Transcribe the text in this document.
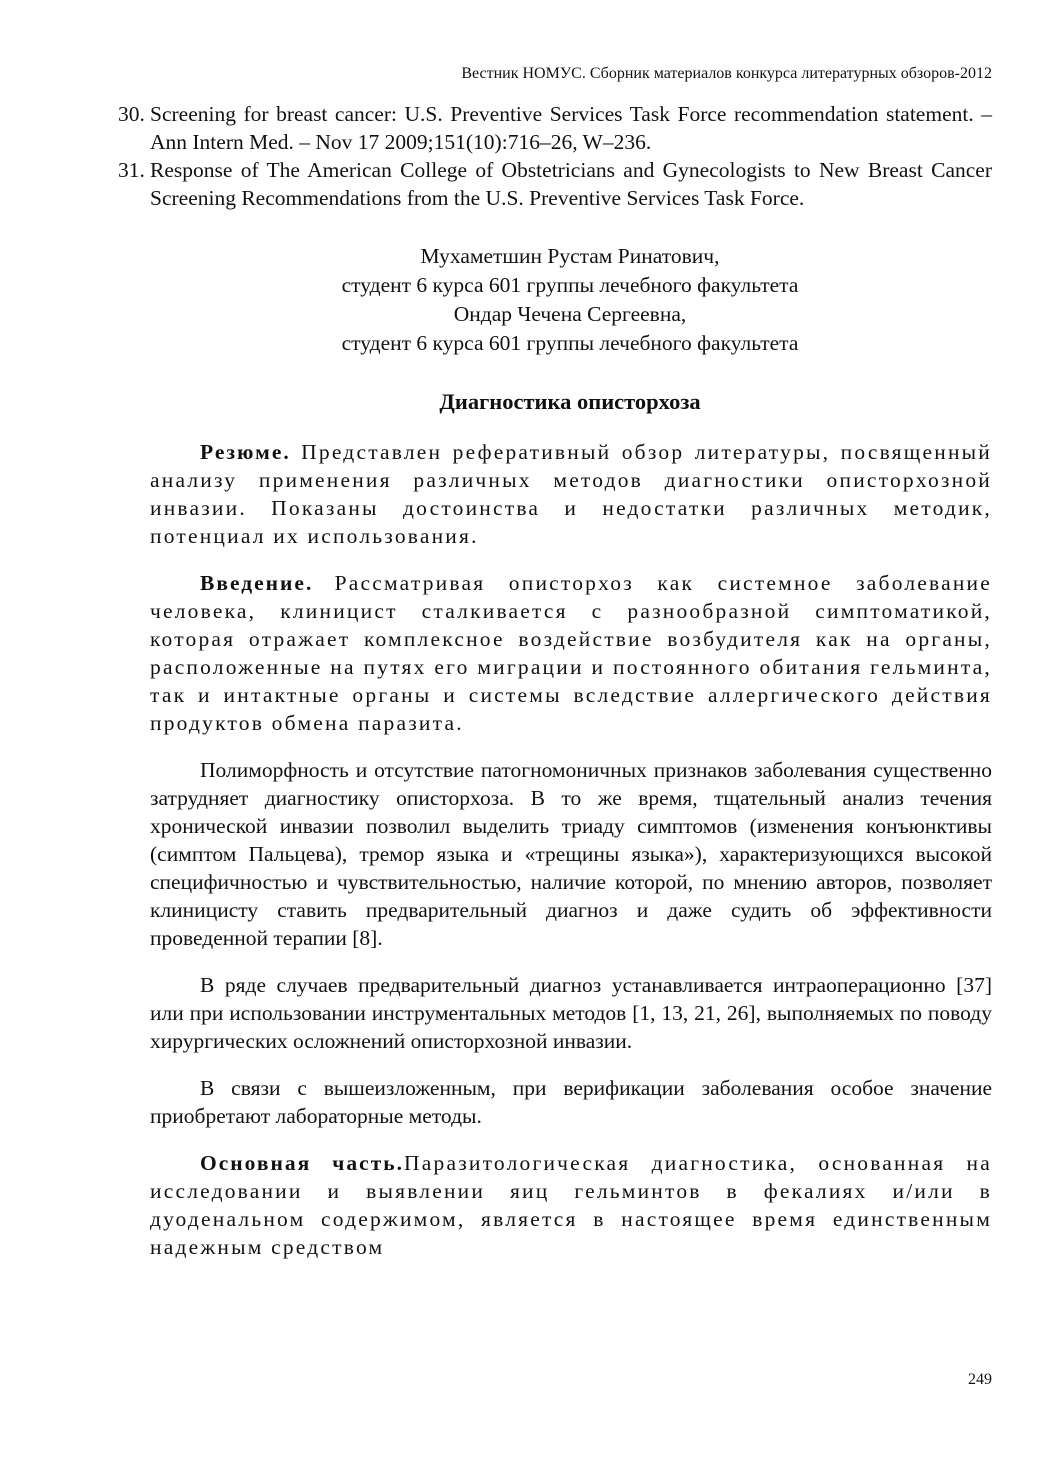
Вестник НОМУС. Сборник материалов конкурса литературных обзоров-2012
30. Screening for breast cancer: U.S. Preventive Services Task Force recommendation statement. – Ann Intern Med. – Nov 17 2009;151(10):716–26, W–236.
31. Response of The American College of Obstetricians and Gynecologists to New Breast Cancer Screening Recommendations from the U.S. Preventive Services Task Force.
Мухаметшин Рустам Ринатович,
студент 6 курса 601 группы лечебного факультета
Ондар Чечена Сергеевна,
студент 6 курса 601 группы лечебного факультета
Диагностика описторхоза

Резюме. Представлен реферативный обзор литературы, посвященный анализу применения различных методов диагностики описторхозной инвазии. Показаны достоинства и недостатки различных методик, потенциал их использования.

Введение. Рассматривая описторхоз как системное заболевание человека, клиницист сталкивается с разнообразной симптоматикой, которая отражает комплексное воздействие возбудителя как на органы, расположенные на путях его миграции и постоянного обитания гельминта, так и интактные органы и системы вследствие аллергического действия продуктов обмена паразита.

Полиморфность и отсутствие патогномоничных признаков заболевания существенно затрудняет диагностику описторхоза. В то же время, тщательный анализ течения хронической инвазии позволил выделить триаду симптомов (изменения конъюнктивы (симптом Пальцева), тремор языка и «трещины языка»), характеризующихся высокой специфичностью и чувствительностью, наличие которой, по мнению авторов, позволяет клиницисту ставить предварительный диагноз и даже судить об эффективности проведенной терапии [8].

В ряде случаев предварительный диагноз устанавливается интраоперационно [37] или при использовании инструментальных методов [1, 13, 21, 26], выполняемых по поводу хирургических осложнений описторхозной инвазии.

В связи с вышеизложенным, при верификации заболевания особое значение приобретают лабораторные методы.

Основная часть.Паразитологическая диагностика, основанная на исследовании и выявлении яиц гельминтов в фекалиях и/или в дуоденальном содержимом, является в настоящее время единственным надежным средством

249
